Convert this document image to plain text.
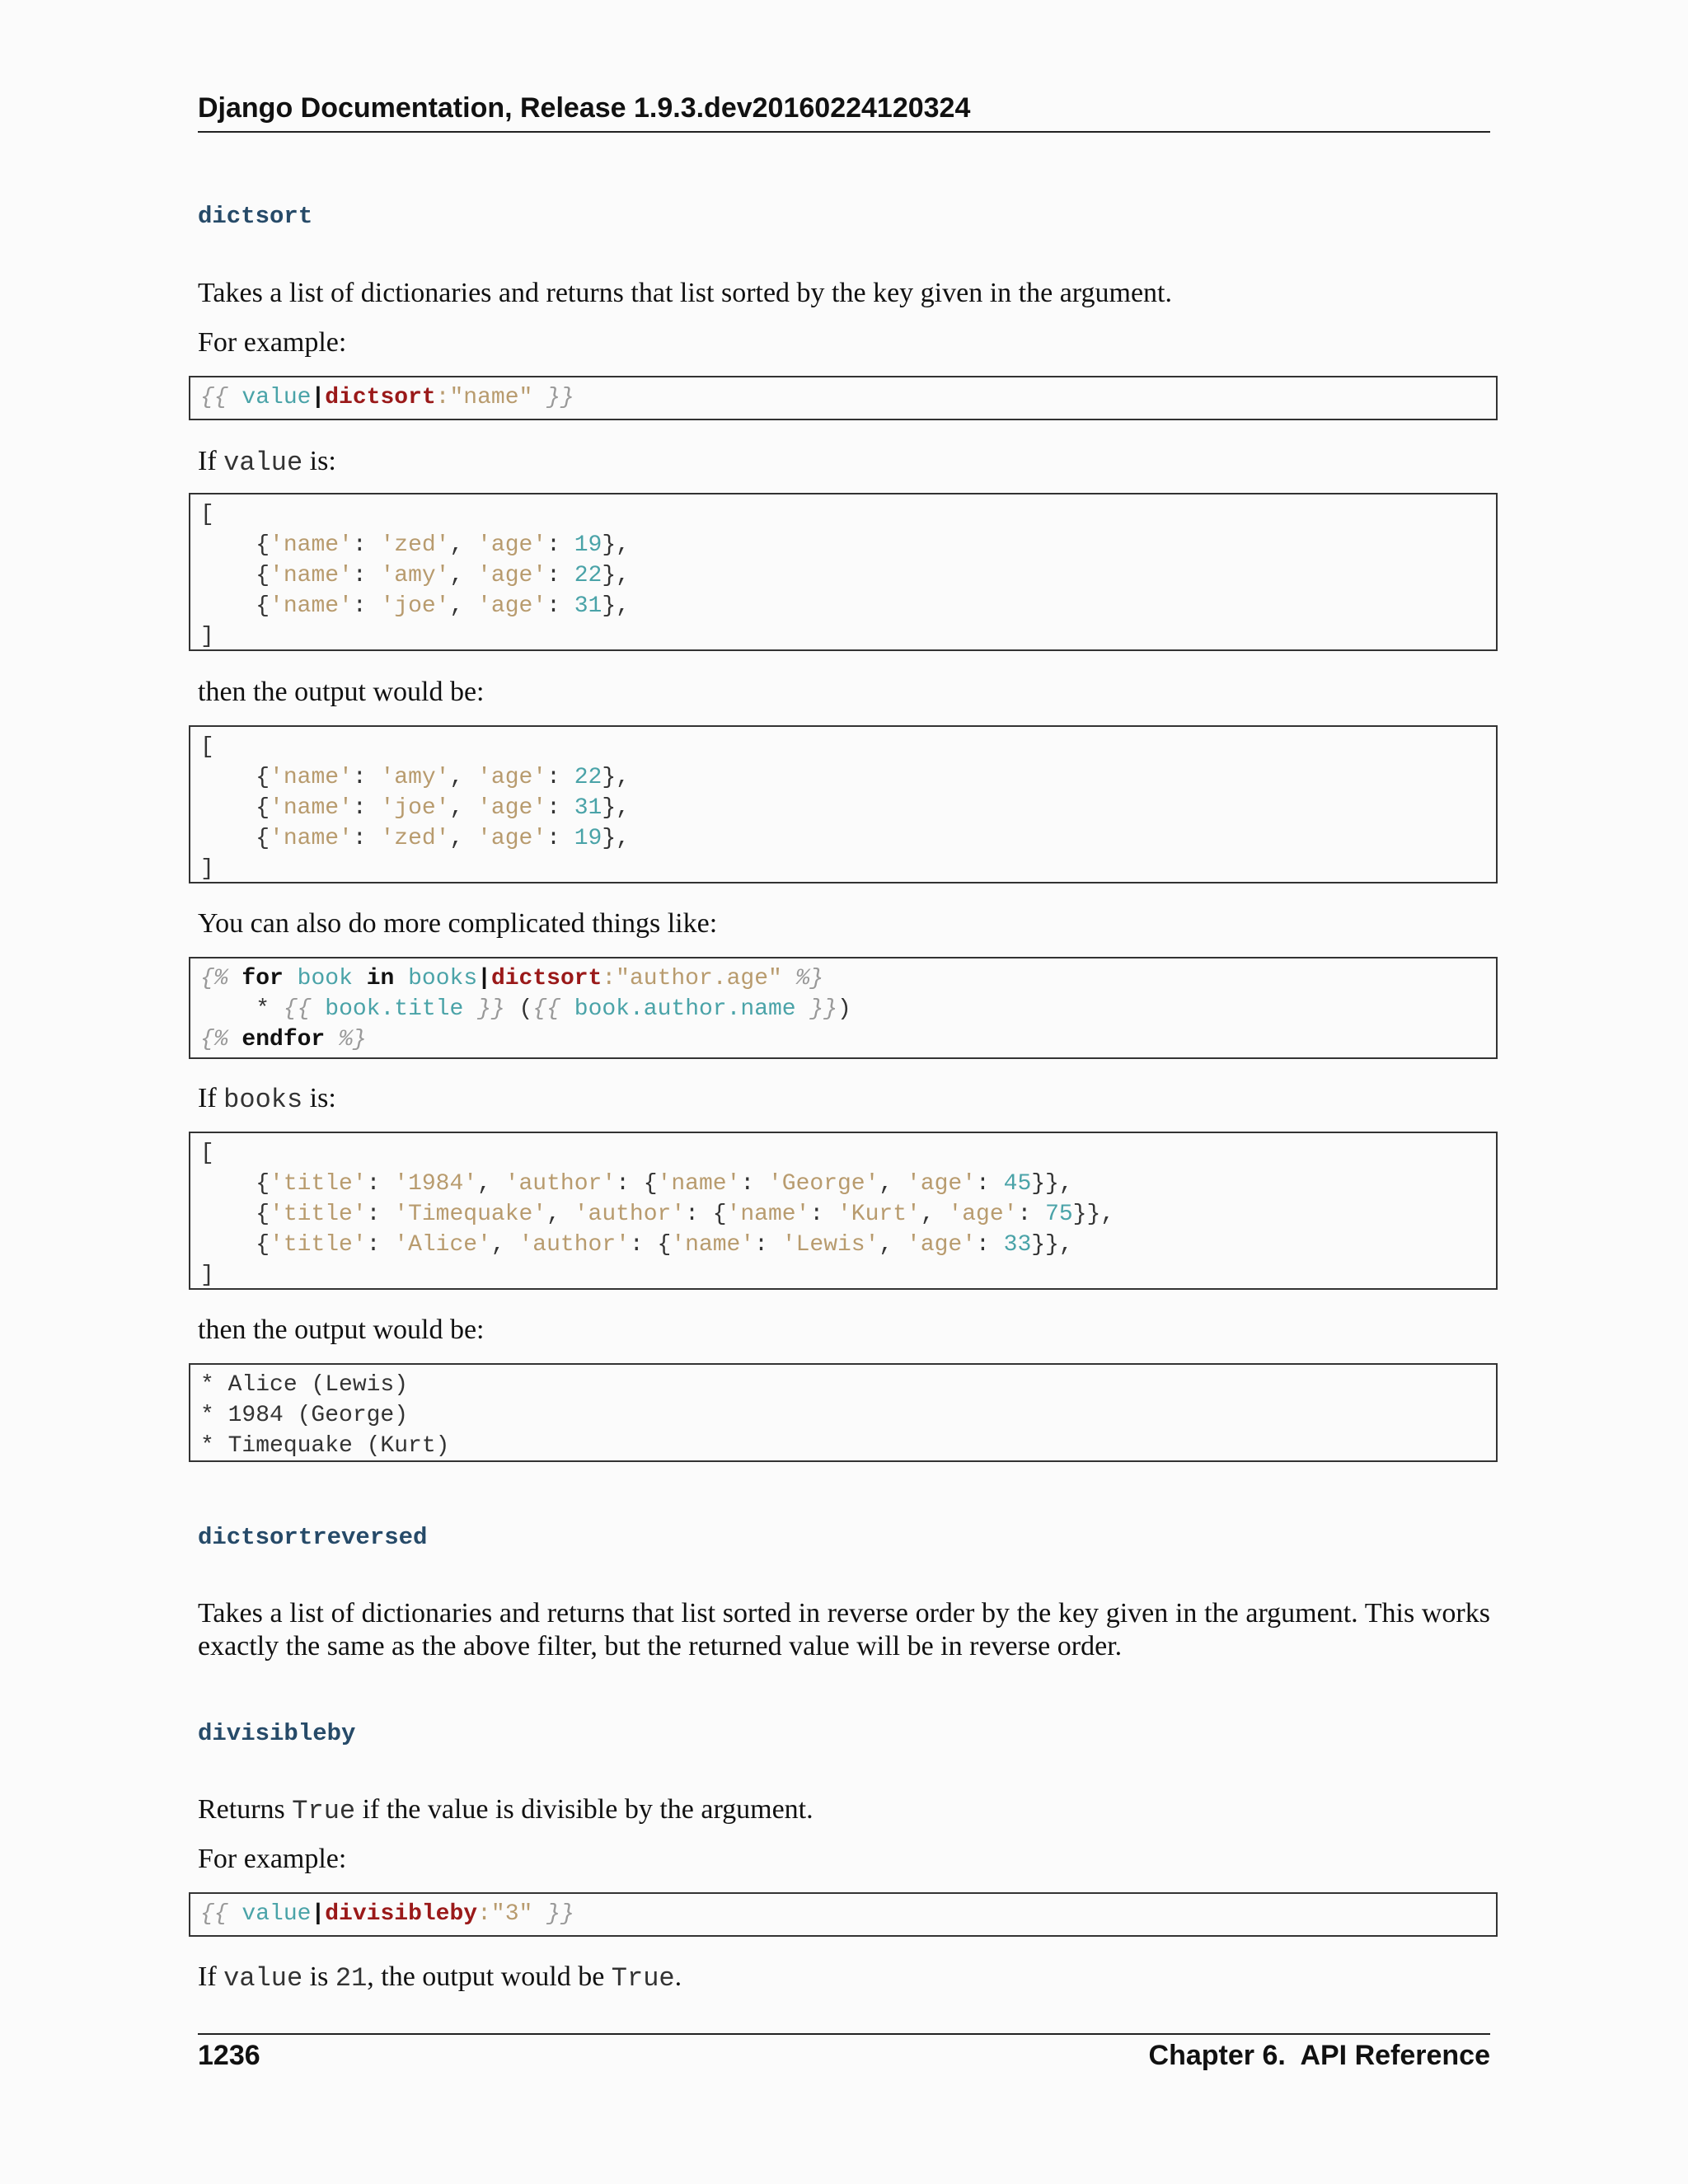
Django Documentation, Release 1.9.3.dev20160224120324
dictsort
Takes a list of dictionaries and returns that list sorted by the key given in the argument.
For example:
{{ value|dictsort:"name" }}
If value is:
[
{'name': 'zed', 'age': 19},
{'name': 'amy', 'age': 22},
{'name': 'joe', 'age': 31},
]
then the output would be:
[
{'name': 'amy', 'age': 22},
{'name': 'joe', 'age': 31},
{'name': 'zed', 'age': 19},
]
You can also do more complicated things like:
{% for book in books|dictsort:"author.age" %}
* {{ book.title }} ({{ book.author.name }})
{% endfor %}
If books is:
[
{'title': '1984', 'author': {'name': 'George', 'age': 45}},
{'title': 'Timequake', 'author': {'name': 'Kurt', 'age': 75}},
{'title': 'Alice', 'author': {'name': 'Lewis', 'age': 33}},
]
then the output would be:
* Alice (Lewis)
* 1984 (George)
* Timequake (Kurt)
dictsortreversed
Takes a list of dictionaries and returns that list sorted in reverse order by the key given in the argument. This works exactly the same as the above filter, but the returned value will be in reverse order.
divisibleby
Returns True if the value is divisible by the argument.
For example:
{{ value|divisibleby:"3" }}
If value is 21, the output would be True.
1236	Chapter 6.  API Reference
